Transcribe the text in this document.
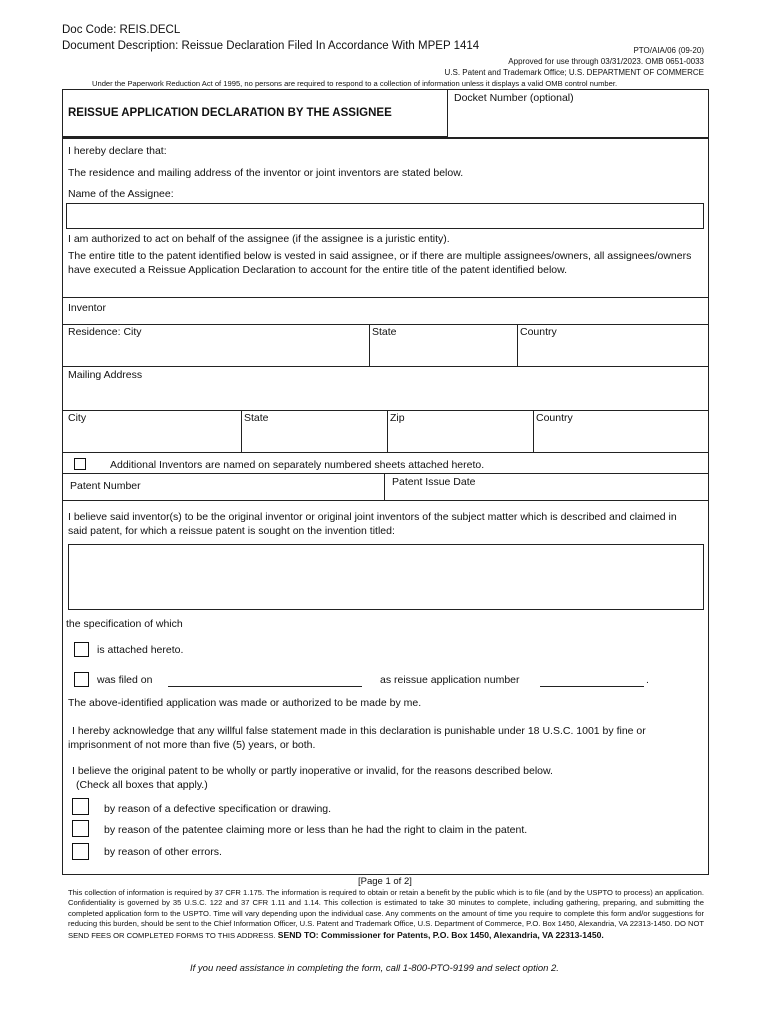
Doc Code: REIS.DECL
Document Description: Reissue Declaration Filed In Accordance With MPEP 1414	PTO/AIA/06 (09-20)
Approved for use through 03/31/2023. OMB 0651-0033
U.S. Patent and Trademark Office; U.S. DEPARTMENT OF COMMERCE
Under the Paperwork Reduction Act of 1995, no persons are required to respond to a collection of information unless it displays a valid OMB control number.
REISSUE APPLICATION DECLARATION BY THE ASSIGNEE
Docket Number (optional)
I hereby declare that:
The residence and mailing address of the inventor or joint inventors are stated below.
Name of the Assignee:
I am authorized to act on behalf of the assignee (if the assignee is a juristic entity).
The entire title to the patent identified below is vested in said assignee, or if there are multiple assignees/owners, all assignees/owners have executed a Reissue Application Declaration to account for the entire title of the patent identified below.
Inventor
Residence: City	State	Country
Mailing Address
City	State	Zip	Country
Additional Inventors are named on separately numbered sheets attached hereto.
Patent Number	Patent Issue Date
I believe said inventor(s) to be the original inventor or original joint inventors of the subject matter which is described and claimed in said patent, for which a reissue patent is sought on the invention titled:
the specification of which
is attached hereto.
was filed on	as reissue application number	.
The above-identified application was made or authorized to be made by me.
I hereby acknowledge that any willful false statement made in this declaration is punishable under 18 U.S.C. 1001 by fine or imprisonment of not more than five (5) years, or both.
I believe the original patent to be wholly or partly inoperative or invalid, for the reasons described below.
(Check all boxes that apply.)
by reason of a defective specification or drawing.
by reason of the patentee claiming more or less than he had the right to claim in the patent.
by reason of other errors.
[Page 1 of 2]
This collection of information is required by 37 CFR 1.175. The information is required to obtain or retain a benefit by the public which is to file (and by the USPTO to process) an application. Confidentiality is governed by 35 U.S.C. 122 and 37 CFR 1.11 and 1.14. This collection is estimated to take 30 minutes to complete, including gathering, preparing, and submitting the completed application form to the USPTO. Time will vary depending upon the individual case. Any comments on the amount of time you require to complete this form and/or suggestions for reducing this burden, should be sent to the Chief Information Officer, U.S. Patent and Trademark Office, U.S. Department of Commerce, P.O. Box 1450, Alexandria, VA 22313-1450. DO NOT SEND FEES OR COMPLETED FORMS TO THIS ADDRESS. SEND TO: Commissioner for Patents, P.O. Box 1450, Alexandria, VA 22313-1450.
If you need assistance in completing the form, call 1-800-PTO-9199 and select option 2.
